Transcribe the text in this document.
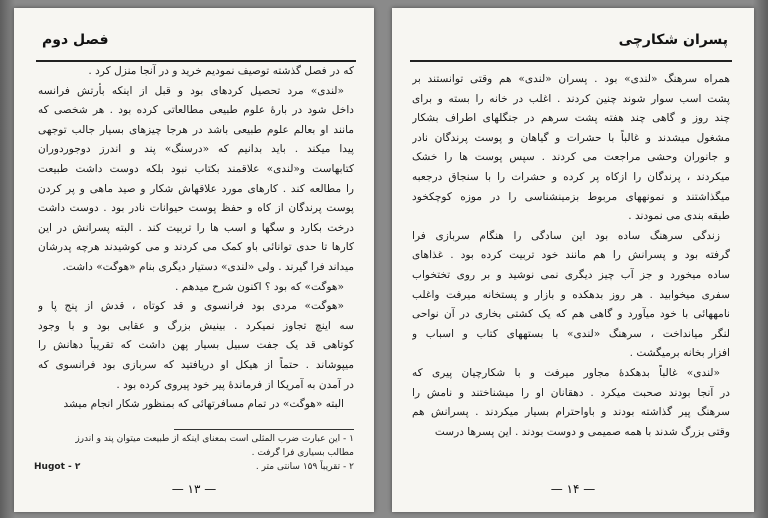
فصل دوم
که در فصل گذشته توصیف نمودیم خرید و در آنجا منزل کرد .
«لندی» مرد تحصیل کردهای بود و قبل از اینکه بأرتش فرانسه
داخل شود در بارهٔ علوم طبیعی مطالعاتی کرده بود . هر شخصی که
مانند او بعالم علوم طبیعی باشد در هرجا چیزهای بسیار جالب توجهی
پیدا میکند . باید بدانیم که «درسنگ» پند و اندرز دوجوردوران
کتابهاست و«لندی» علاقمند بکتاب نبود بلکه دوست داشت طبیعت
را مطالعه کند . کارهای مورد علاقهاش شکار و صید ماهی و پر کردن
پوست پرندگان از کاه و حفظ پوست حیوانات نادر بود . دوست داشت
درخت بکارد و سگها و اسب ها را تربیت کند . البته پسرانش در این
کارها تا حدی توانائی باو کمک می کردند و می کوشیدند هرچه پدرشان
میداند فرا گیرند . ولی «لندی» دستیار دیگری بنام «هوگت» داشت.
«هوگت» که بود ؟ اکنون شرح میدهم .
«هوگت» مردی بود فرانسوی و قد کوتاه ، قدش از پنج پا و
سه اینچ تجاوز نمیکرد . بینیش بزرگ و عقابی بود و با وجود
کوتاهی قد یک جفت سبیل بسیار پهن داشت که تقریباً دهانش را
میپوشاند . حتماً از هیکل او دریافتید که سربازی بود فرانسوی که
در آمدن به آمریکا از فرماندهٔ پیر خود پیروی کرده بود .
البته «هوگت» در تمام مسافرتهائی که بمنظور شکار انجام میشد
١ - این عبارت ضرب المثلی است بمعنای اینکه از طبیعت میتوان پند و اندرز
مطالب بسیاری فرا گرفت .
٢ - تقریباً ١۵٩ سانتی متر .
Hugot - ٢
— ١٣ —
پسران شکارچی
همراه سرهنگ «لندی» بود . پسران «لندی» هم وقتی توانستند بر
پشت اسب سوار شوند چنین کردند . اغلب در خانه را بسته و برای
چند روز و گاهی چند هفته پشت سرهم در جنگلهای اطراف بشکار
مشغول میشدند و غالباً با حشرات و گیاهان و پوست پرندگان نادر
و جانوران وحشی مراجعت می کردند . سپس پوست ها را خشک
میکردند ، پرندگان را ازکاه پر کرده و حشرات را با سنجاق درجعبه
میگذاشتند و نمونههای مربوط بزمینشناسی را در موزه کوچکخود
طبقه بندی می نمودند .
زندگی سرهنگ ساده بود این سادگی را هنگام سربازی فرا
گرفته بود و پسرانش را هم مانند خود تربیت کرده بود . غذاهای
ساده میخورد و جز آب چیز دیگری نمی نوشید و بر روی تختخواب
سفری میخوابید . هر روز بدهکده و بازار و پستخانه میرفت واغلب
نامههائی با خود میآورد و گاهی هم که یک کشتی بخاری در آن نواحی
لنگر میانداخت ، سرهنگ «لندی» با بستههای کتاب و اسباب و
افزار بخانه برمیگشت .
«لندی» غالباً بدهکدهٔ مجاور میرفت و با شکارچیان پیری که
در آنجا بودند صحبت میکرد . دهقانان او را میشناختند و نامش را
سرهنگ پیر گذاشته بودند و باواحترام بسیار میکردند . پسرانش هم
وقتی بزرگ شدند با همه صمیمی و دوست بودند . این پسرها درست
— ١۴ —
